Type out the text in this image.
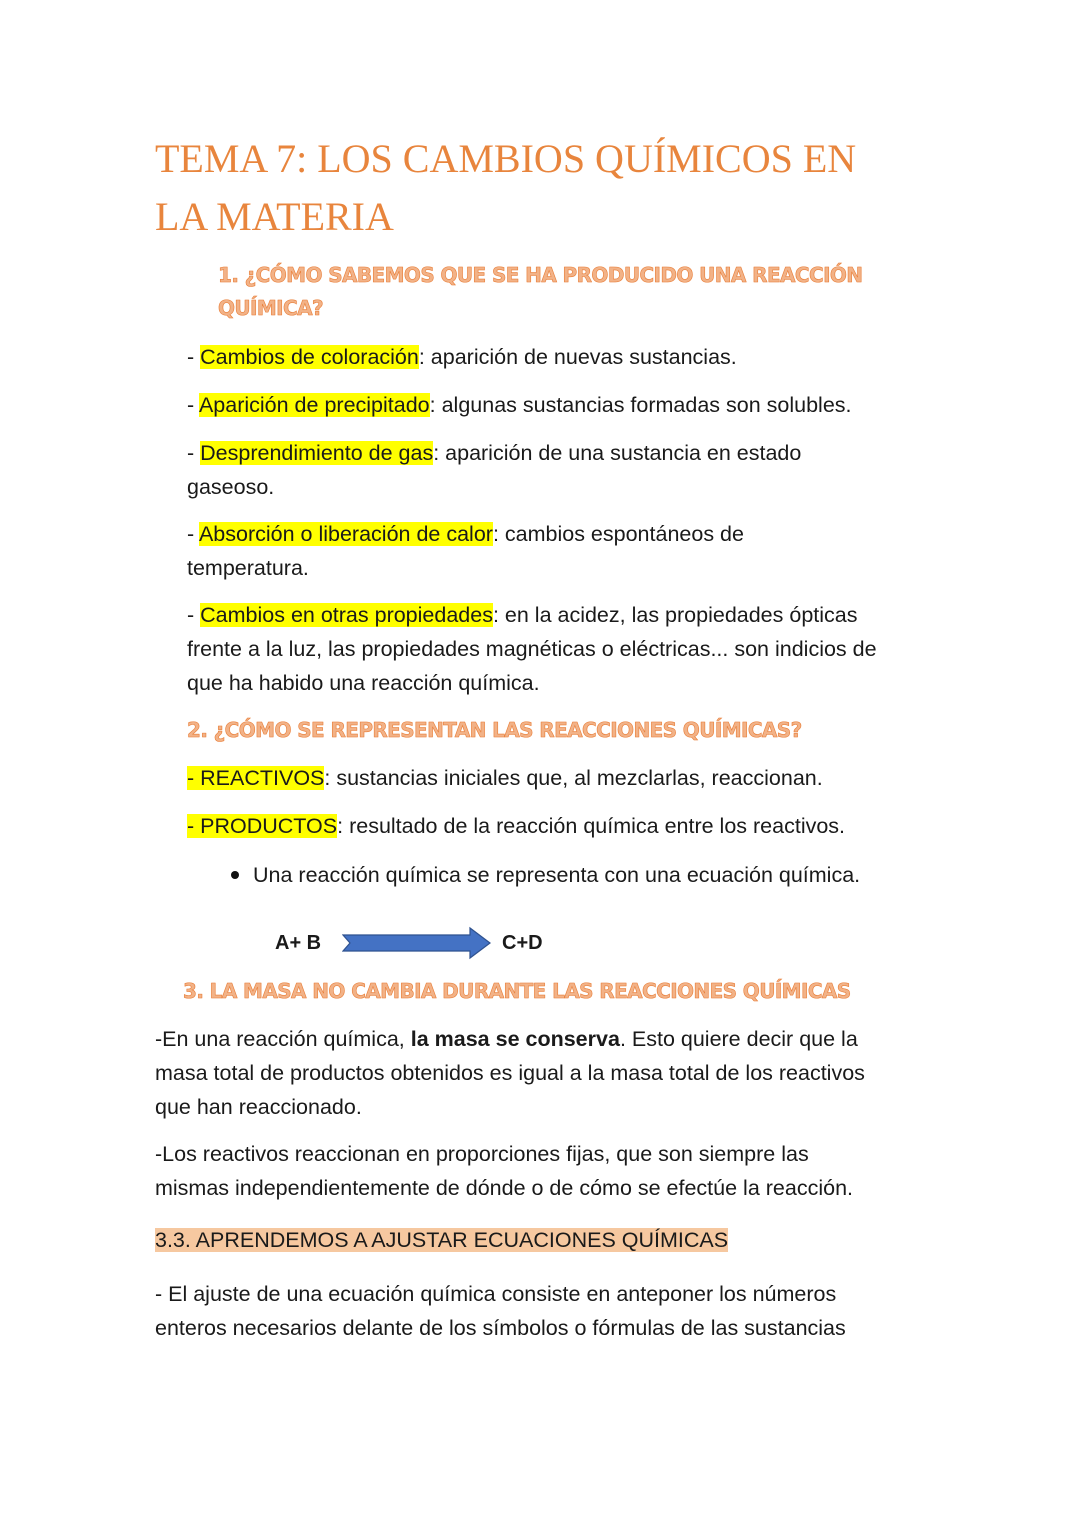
TEMA 7: LOS CAMBIOS QUÍMICOS EN
LA MATERIA
1. ¿CÓMO SABEMOS QUE SE HA PRODUCIDO UNA REACCIÓN
QUÍMICA?

- Cambios de coloración: aparición de nuevas sustancias.

- Aparición de precipitado: algunas sustancias formadas son solubles.

- Desprendimiento de gas: aparición de una sustancia en estado

gaseoso.

- Absorción o liberación de calor: cambios espontáneos de

temperatura.

- Cambios en otras propiedades: en la acidez, las propiedades ópticas

frente a la luz, las propiedades magnéticas o eléctricas... son indicios de

que ha habido una reacción química.

2. ¿CÓMO SE REPRESENTAN LAS REACCIONES QUÍMICAS?

- REACTIVOS: sustancias iniciales que, al mezclarlas, reaccionan.

- PRODUCTOS: resultado de la reacción química entre los reactivos.

Una reacción química se representa con una ecuación química.

A+ B	C+D
3. LA MASA NO CAMBIA DURANTE LAS REACCIONES QUÍMICAS

-En una reacción química, la masa se conserva. Esto quiere decir que la

masa total de productos obtenidos es igual a la masa total de los reactivos

que han reaccionado.

-Los reactivos reaccionan en proporciones fijas, que son siempre las

mismas independientemente de dónde o de cómo se efectúe la reacción.

3.3. APRENDEMOS A AJUSTAR ECUACIONES QUÍMICAS

- El ajuste de una ecuación química consiste en anteponer los números

enteros necesarios delante de los símbolos o fórmulas de las sustancias
